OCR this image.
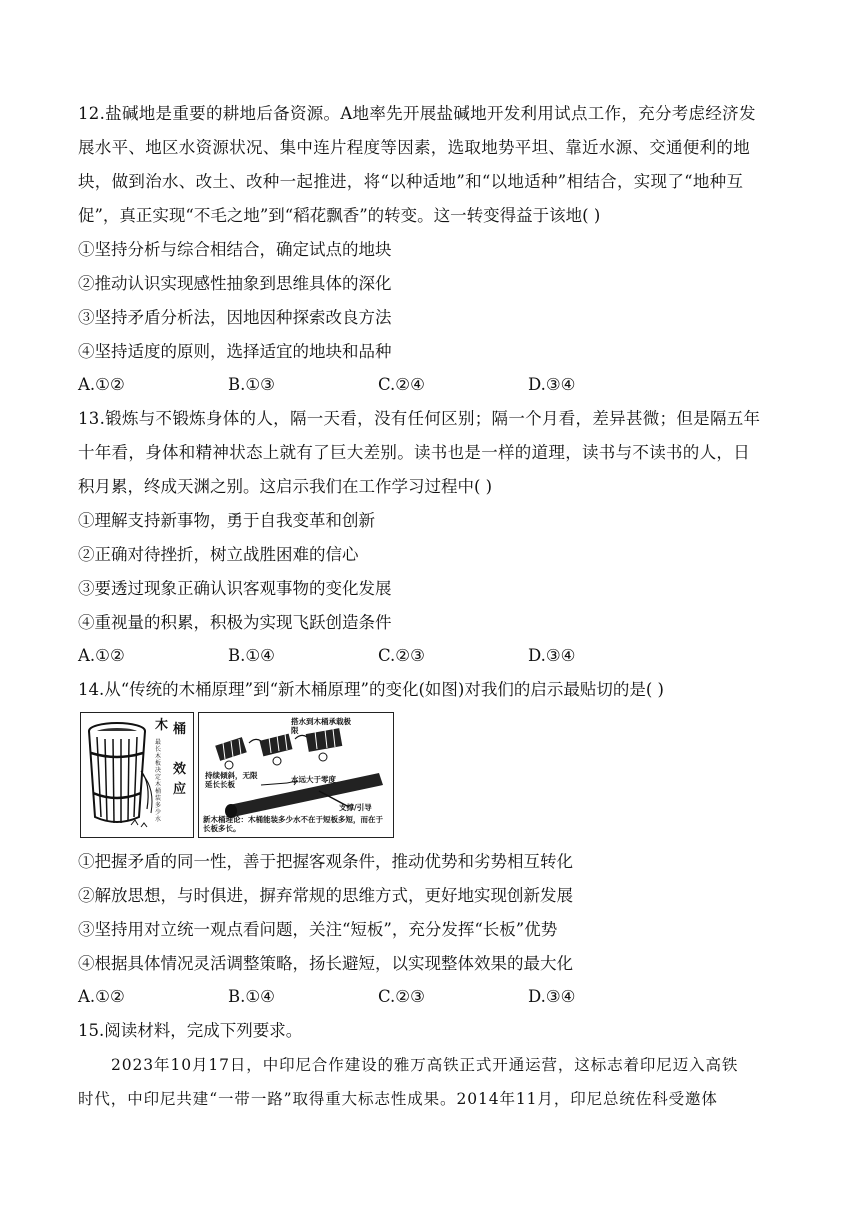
12.盐碱地是重要的耕地后备资源。A地率先开展盐碱地开发利用试点工作，充分考虑经济发
展水平、地区水资源状况、集中连片程度等因素，选取地势平坦、靠近水源、交通便利的地
块，做到治水、改土、改种一起推进，将“以种适地”和“以地适种”相结合，实现了“地种互
促”，真正实现“不毛之地”到“稻花飘香”的转变。这一转变得益于该地( )
①坚持分析与综合相结合，确定试点的地块
②推动认识实现感性抽象到思维具体的深化
③坚持矛盾分析法，因地因种探索改良方法
④坚持适度的原则，选择适宜的地块和品种
A.①②	B.①③	C.②④	D.③④
13.锻炼与不锻炼身体的人，隔一天看，没有任何区别；隔一个月看，差异甚微；但是隔五年
十年看，身体和精神状态上就有了巨大差别。读书也是一样的道理，读书与不读书的人，日
积月累，终成天渊之别。这启示我们在工作学习过程中( )
①理解支持新事物，勇于自我变革和创新
②正确对待挫折，树立战胜困难的信心
③要透过现象正确认识客观事物的变化发展
④重视量的积累，积极为实现飞跃创造条件
A.①②	B.①④	C.②③	D.③④
14.从“传统的木桶原理”到“新木桶原理”的变化(如图)对我们的启示最贴切的是( )
木 桶
效
应
最长木板决定木桶装多少水
搭水到木桶承载极限
持续倾斜，无限延长长板
水远大于零度
支撑/引导
新木桶理论：木桶能装多少水不在于短板多短，而在于长板多长。
①把握矛盾的同一性，善于把握客观条件，推动优势和劣势相互转化
②解放思想，与时俱进，摒弃常规的思维方式，更好地实现创新发展
③坚持用对立统一观点看问题，关注“短板”，充分发挥“长板”优势
④根据具体情况灵活调整策略，扬长避短，以实现整体效果的最大化
A.①②	B.①④	C.②③	D.③④
15.阅读材料，完成下列要求。
2023年10月17日，中印尼合作建设的雅万高铁正式开通运营，这标志着印尼迈入高铁
时代，中印尼共建“一带一路”取得重大标志性成果。2014年11月，印尼总统佐科受邀体
